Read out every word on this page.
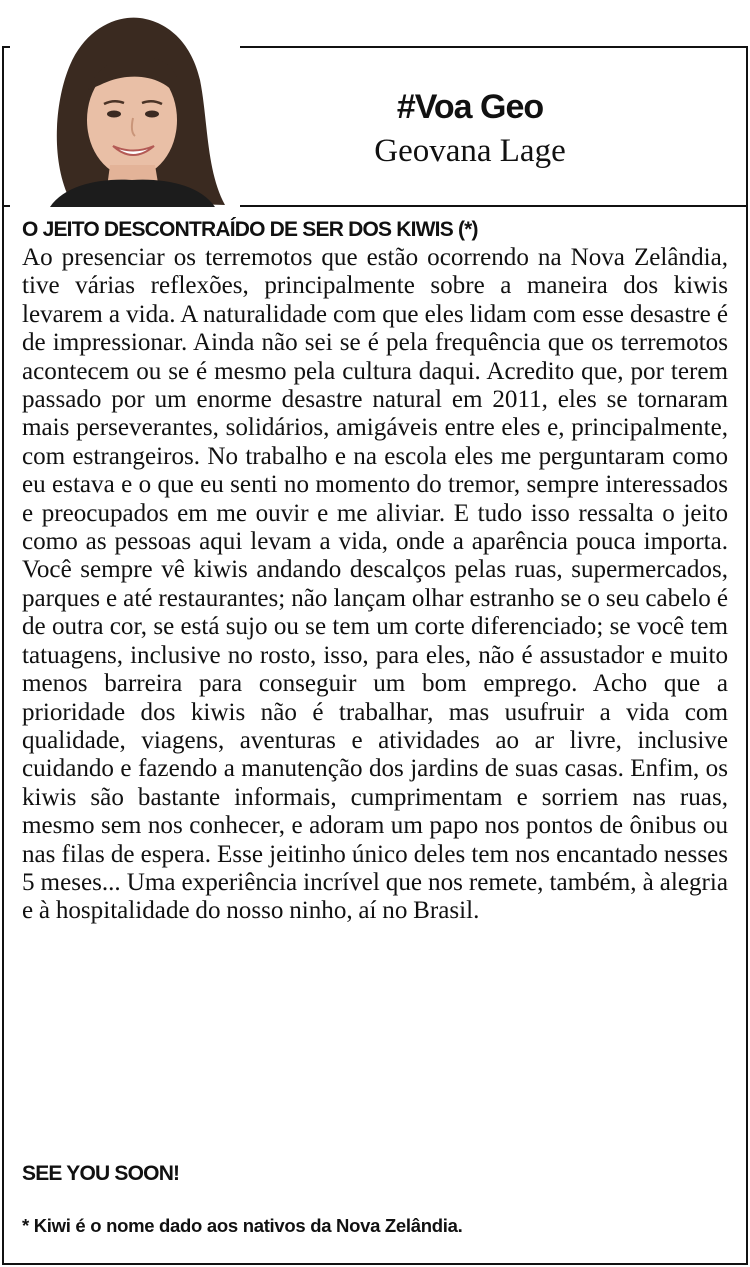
#Voa Geo
Geovana Lage
O JEITO DESCONTRAÍDO DE SER DOS KIWIS (*)

Ao presenciar os terremotos que estão ocorrendo na Nova Zelândia, tive várias reflexões, principalmente sobre a maneira dos kiwis levarem a vida. A naturalidade com que eles lidam com esse desastre é de impressionar. Ainda não sei se é pela frequência que os terremotos acontecem ou se é mesmo pela cultura daqui. Acredito que, por terem passado por um enorme desastre natural em 2011, eles se tornaram mais perseverantes, solidários, amigáveis entre eles e, principalmente, com estrangeiros. No trabalho e na escola eles me perguntaram como eu estava e o que eu senti no momento do tremor, sempre interessados e preocupados em me ouvir e me aliviar. E tudo isso ressalta o jeito como as pessoas aqui levam a vida, onde a aparência pouca importa. Você sempre vê kiwis andando descalços pelas ruas, supermercados, parques e até restaurantes; não lançam olhar estranho se o seu cabelo é de outra cor, se está sujo ou se tem um corte diferenciado; se você tem tatuagens, inclusive no rosto, isso, para eles, não é assustador e muito menos barreira para conseguir um bom emprego. Acho que a prioridade dos kiwis não é trabalhar, mas usufruir a vida com qualidade, viagens, aventuras e atividades ao ar livre, inclusive cuidando e fazendo a manutenção dos jardins de suas casas. Enfim, os kiwis são bastante informais, cumprimentam e sorriem nas ruas, mesmo sem nos conhecer, e adoram um papo nos pontos de ônibus ou nas filas de espera. Esse jeitinho único deles tem nos encantado nesses 5 meses... Uma experiência incrível que nos remete, também, à alegria e à hospitalidade do nosso ninho, aí no Brasil.

SEE YOU SOON!
* Kiwi é o nome dado aos nativos da Nova Zelândia.
